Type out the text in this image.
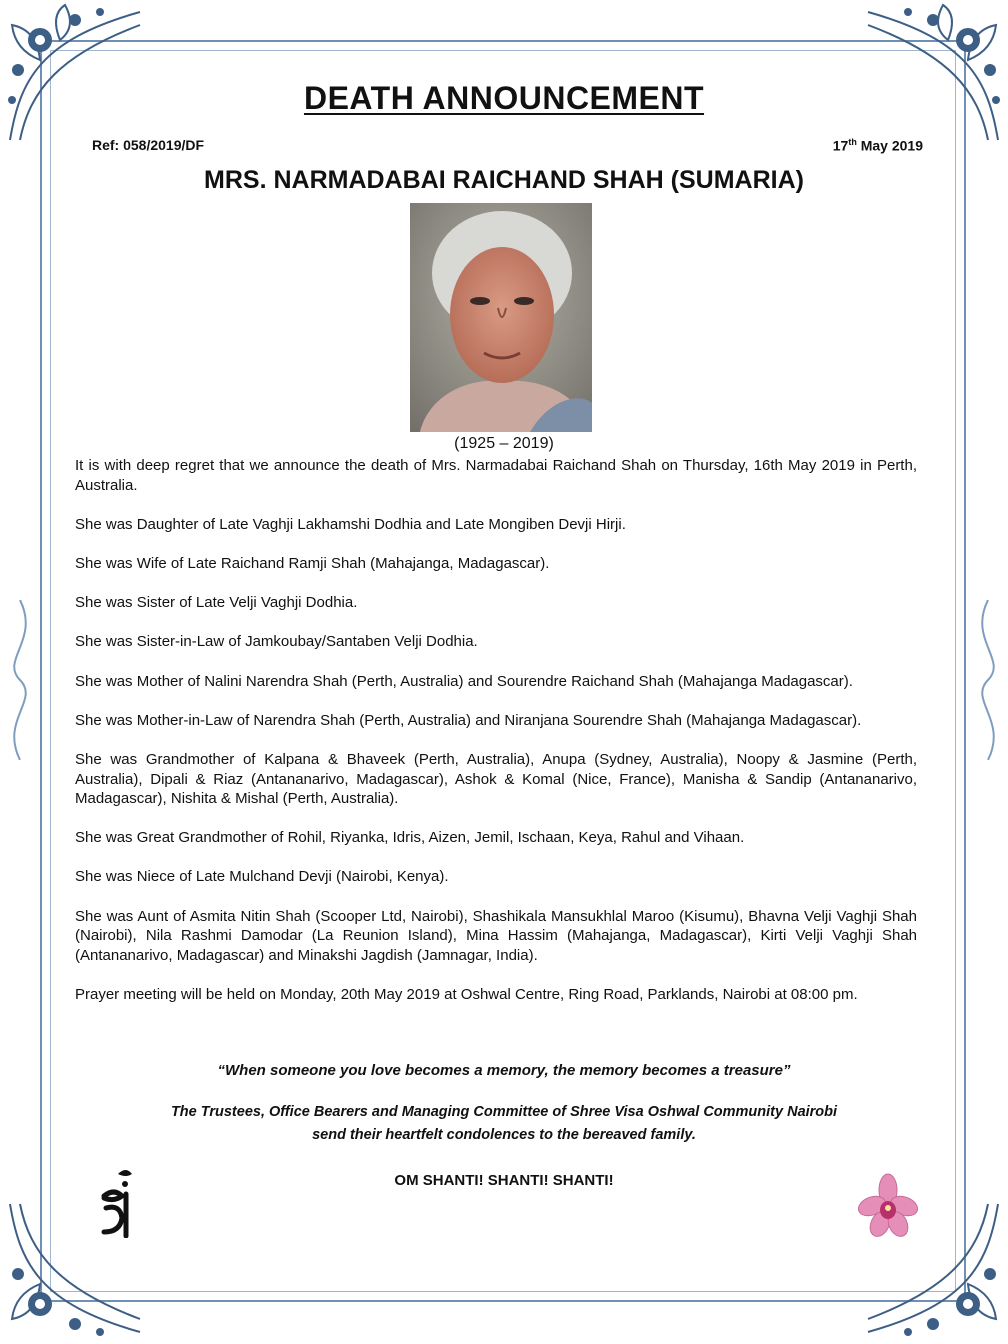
DEATH ANNOUNCEMENT
Ref: 058/2019/DF	17th May 2019
MRS. NARMADABAI RAICHAND SHAH (SUMARIA)
(1925 – 2019)

It is with deep regret that we announce the death of Mrs. Narmadabai Raichand Shah on Thursday, 16th May 2019 in Perth, Australia.

She was Daughter of Late Vaghji Lakhamshi Dodhia and Late Mongiben Devji Hirji.

She was Wife of Late Raichand Ramji Shah (Mahajanga, Madagascar).

She was Sister of Late Velji Vaghji Dodhia.

She was Sister-in-Law of Jamkoubay/Santaben Velji Dodhia.

She was Mother of Nalini Narendra Shah (Perth, Australia) and Sourendre Raichand Shah (Mahajanga Madagascar).

She was Mother-in-Law of Narendra Shah (Perth, Australia) and Niranjana Sourendre Shah (Mahajanga Madagascar).

She was Grandmother of Kalpana & Bhaveek (Perth, Australia), Anupa (Sydney, Australia), Noopy & Jasmine (Perth, Australia), Dipali & Riaz (Antananarivo, Madagascar), Ashok & Komal (Nice, France), Manisha & Sandip (Antananarivo, Madagascar), Nishita & Mishal (Perth, Australia).

She was Great Grandmother of Rohil, Riyanka, Idris, Aizen, Jemil, Ischaan, Keya, Rahul and Vihaan.

She was Niece of Late Mulchand Devji (Nairobi, Kenya).

She was Aunt of Asmita Nitin Shah (Scooper Ltd, Nairobi), Shashikala Mansukhlal Maroo (Kisumu), Bhavna Velji Vaghji Shah (Nairobi), Nila Rashmi Damodar (La Reunion Island), Mina Hassim (Mahajanga, Madagascar), Kirti Velji Vaghji Shah (Antananarivo, Madagascar) and Minakshi Jagdish (Jamnagar, India).

Prayer meeting will be held on Monday, 20th May 2019 at Oshwal Centre, Ring Road, Parklands, Nairobi at 08:00 pm.

“When someone you love becomes a memory, the memory becomes a treasure”
The Trustees, Office Bearers and Managing Committee of Shree Visa Oshwal Community Nairobi
send their heartfelt condolences to the bereaved family.
OM SHANTI! SHANTI! SHANTI!
